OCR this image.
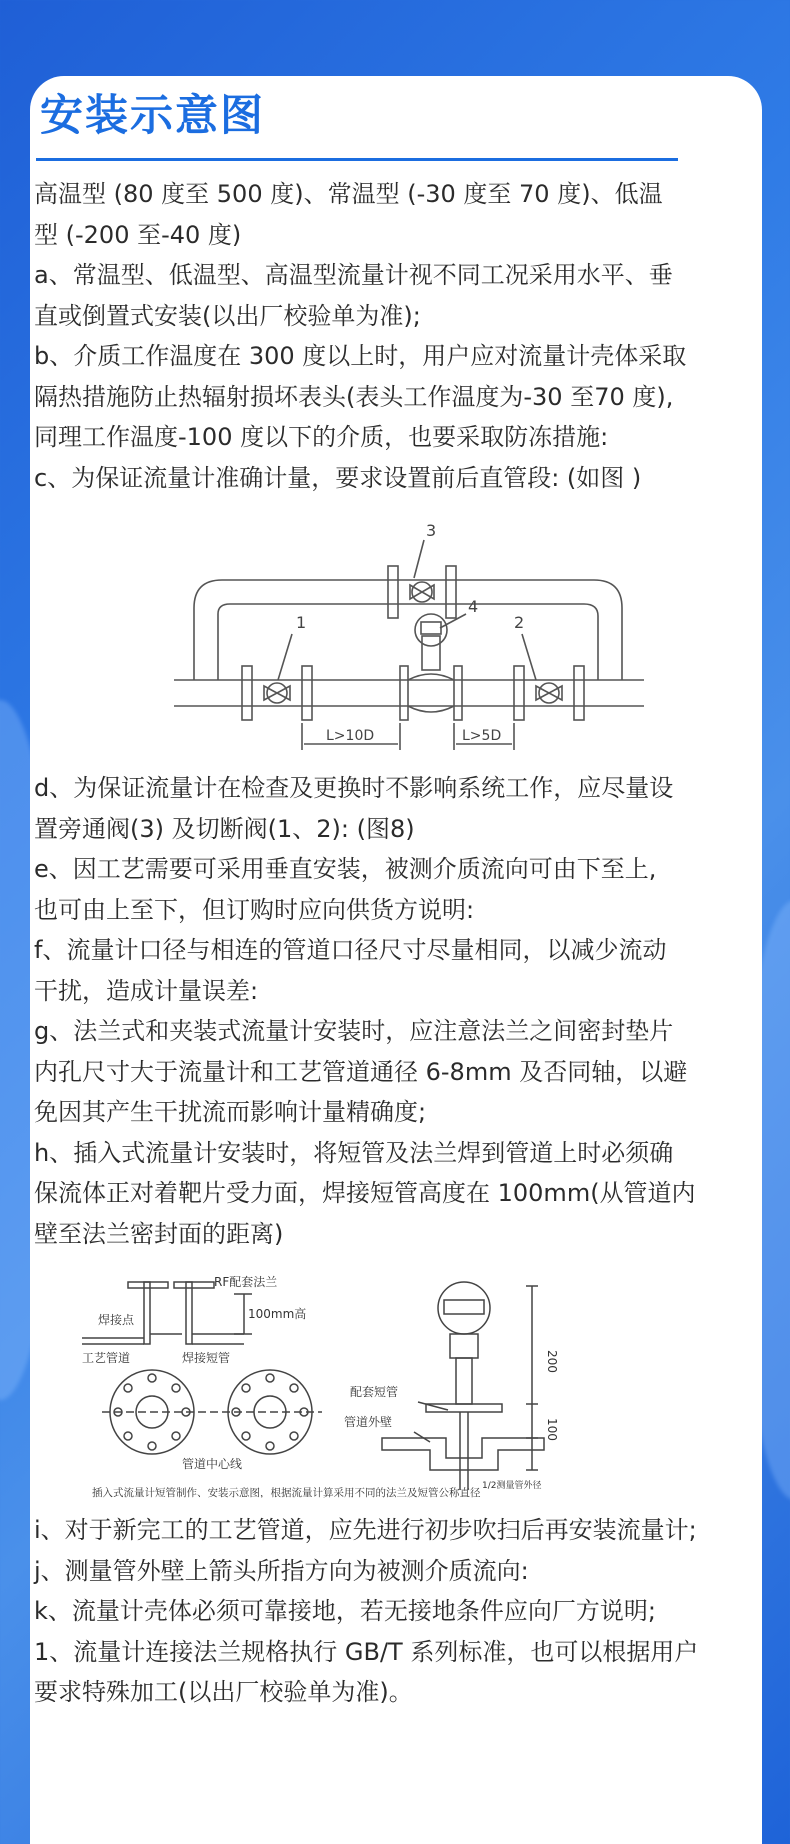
安装示意图

高温型 (80 度至 500 度)、常温型 (-30 度至 70 度)、低温

型 (-200 至-40 度)

a、常温型、低温型、高温型流量计视不同工况采用水平、垂

直或倒置式安装(以出厂校验单为准);

b、介质工作温度在 300 度以上时，用户应对流量计壳体采取

隔热措施防止热辐射损坏表头(表头工作温度为-30 至70 度),

同理工作温度-100 度以下的介质，也要采取防冻措施:

c、为保证流量计准确计量，要求设置前后直管段: (如图 )

1	2
3
4
L>10D	L>5D

d、为保证流量计在检查及更换时不影响系统工作，应尽量设

置旁通阀(3) 及切断阀(1、2): (图8)

e、因工艺需要可采用垂直安装，被测介质流向可由下至上,

也可由上至下，但订购时应向供货方说明:

f、流量计口径与相连的管道口径尺寸尽量相同，以减少流动

干扰，造成计量误差:

g、法兰式和夹装式流量计安装时，应注意法兰之间密封垫片

内孔尺寸大于流量计和工艺管道通径 6-8mm 及否同轴，以避

免因其产生干扰流而影响计量精确度;

h、插入式流量计安装时，将短管及法兰焊到管道上时必须确

保流体正对着靶片受力面，焊接短管高度在 100mm(从管道内

壁至法兰密封面的距离)

RF配套法兰
焊接点	100mm高
工艺管道	焊接短管
管道中心线
配套短管
管道外壁
200
100
1/2测量管外径
插入式流量计短管制作、安装示意图，根据流量计算采用不同的法兰及短管公称直径

i、对于新完工的工艺管道，应先进行初步吹扫后再安装流量计;

j、测量管外壁上箭头所指方向为被测介质流向:

k、流量计壳体必须可靠接地，若无接地条件应向厂方说明;

1、流量计连接法兰规格执行 GB/T 系列标准，也可以根据用户

要求特殊加工(以出厂校验单为准)。
